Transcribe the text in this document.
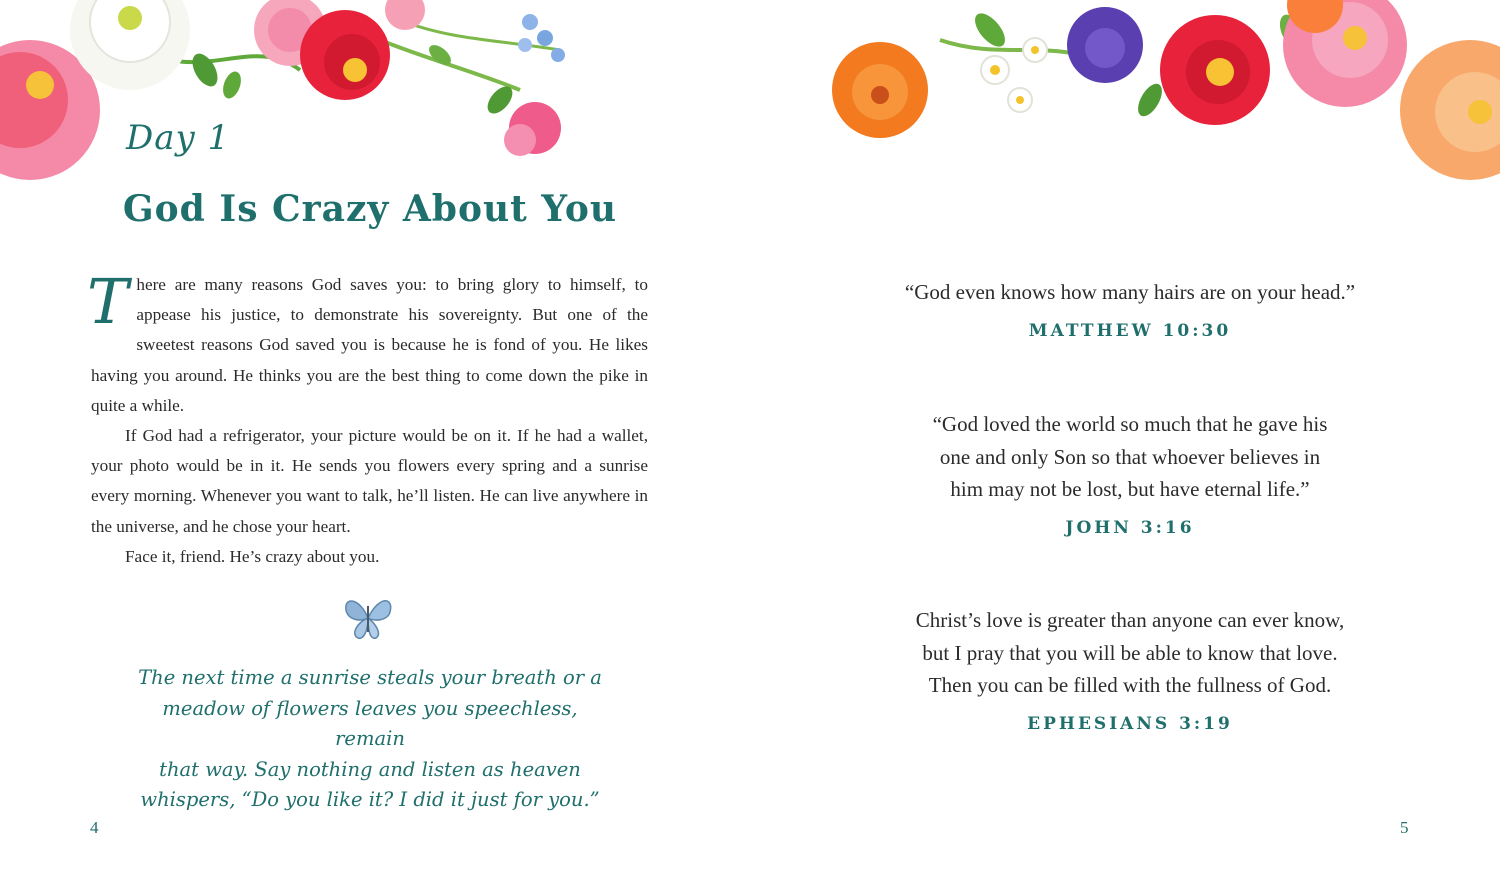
Day 1
God Is Crazy About You

There are many reasons God saves you: to bring glory to himself, to appease his justice, to demonstrate his sovereignty. But one of the sweetest reasons God saved you is because he is fond of you. He likes having you around. He thinks you are the best thing to come down the pike in quite a while.

If God had a refrigerator, your picture would be on it. If he had a wallet, your photo would be in it. He sends you flowers every spring and a sunrise every morning. Whenever you want to talk, he’ll listen. He can live anywhere in the universe, and he chose your heart.

Face it, friend. He’s crazy about you.

The next time a sunrise steals your breath or a
meadow of flowers leaves you speechless, remain
that way. Say nothing and listen as heaven
whispers, “Do you like it? I did it just for you.”
4
“God even knows how many hairs are on your head.”
MATTHEW 10:30
“God loved the world so much that he gave his
one and only Son so that whoever believes in
him may not be lost, but have eternal life.”
JOHN 3:16
Christ’s love is greater than anyone can ever know,
but I pray that you will be able to know that love.
Then you can be filled with the fullness of God.
EPHESIANS 3:19
5
